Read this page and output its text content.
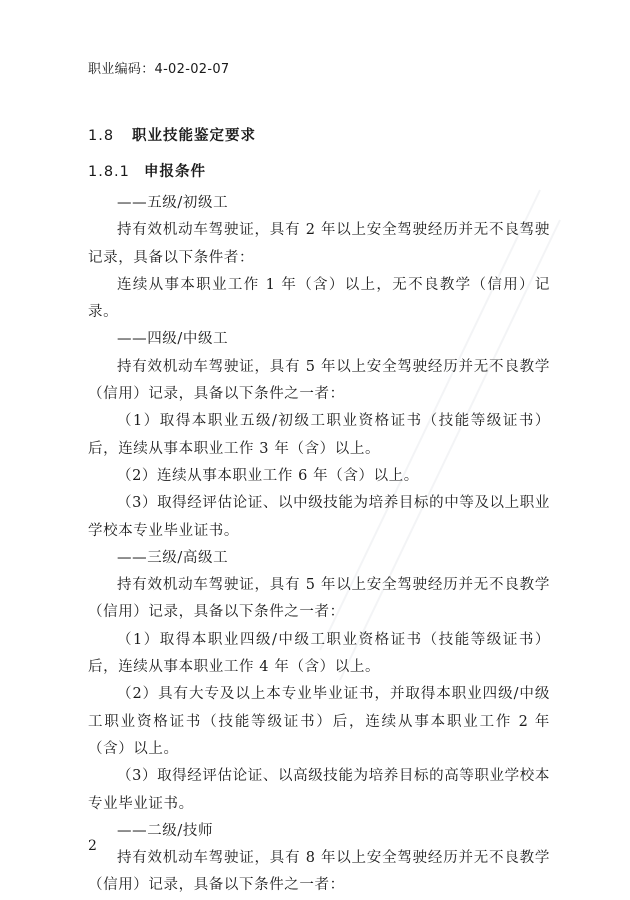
职业编码：4-02-02-07
1.8 职业技能鉴定要求
1.8.1 申报条件

——五级/初级工

持有效机动车驾驶证，具有 2 年以上安全驾驶经历并无不良驾驶记录，具备以下条件者：

连续从事本职业工作 1 年（含）以上，无不良教学（信用）记录。

——四级/中级工

持有效机动车驾驶证，具有 5 年以上安全驾驶经历并无不良教学（信用）记录，具备以下条件之一者：

（1）取得本职业五级/初级工职业资格证书（技能等级证书）后，连续从事本职业工作 3 年（含）以上。

（2）连续从事本职业工作 6 年（含）以上。

（3）取得经评估论证、以中级技能为培养目标的中等及以上职业学校本专业毕业证书。

——三级/高级工

持有效机动车驾驶证，具有 5 年以上安全驾驶经历并无不良教学（信用）记录，具备以下条件之一者：

（1）取得本职业四级/中级工职业资格证书（技能等级证书）后，连续从事本职业工作 4 年（含）以上。

（2）具有大专及以上本专业毕业证书，并取得本职业四级/中级工职业资格证书（技能等级证书）后，连续从事本职业工作 2 年（含）以上。

（3）取得经评估论证、以高级技能为培养目标的高等职业学校本专业毕业证书。

——二级/技师

持有效机动车驾驶证，具有 8 年以上安全驾驶经历并无不良教学（信用）记录，具备以下条件之一者：

2
